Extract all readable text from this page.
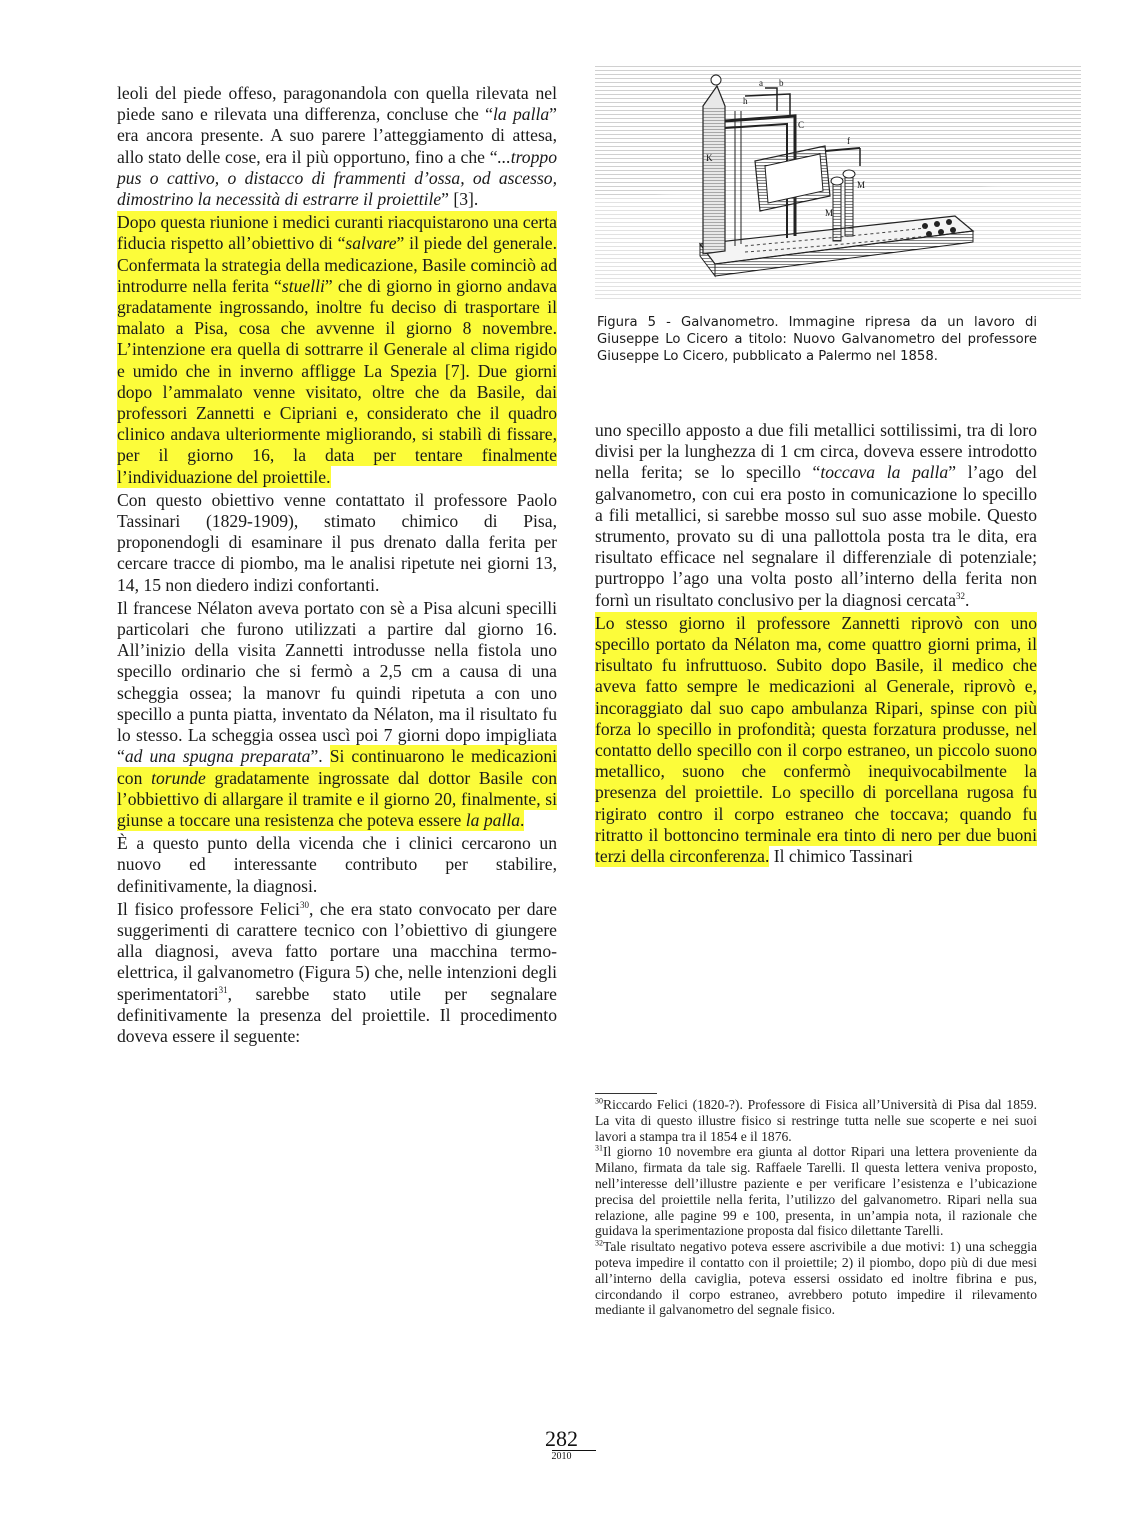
leoli del piede offeso, paragonandola con quella rilevata nel piede sano e rilevata una differenza, concluse che “la palla” era ancora presente. A suo parere l’atteggiamento di attesa, allo stato delle cose, era il più opportuno, fino a che “...troppo pus o cattivo, o distacco di frammenti d’ossa, od ascesso, dimostrino la necessità di estrarre il proiettile” [3].

Dopo questa riunione i medici curanti riacquistarono una certa fiducia rispetto all’obiettivo di “salvare” il piede del generale. Confermata la strategia della medicazione, Basile cominciò ad introdurre nella ferita “stuelli” che di giorno in giorno andava gradatamente ingrossando, inoltre fu deciso di trasportare il malato a Pisa, cosa che avvenne il giorno 8 novembre. L’intenzione era quella di sottrarre il Generale al clima rigido e umido che in inverno affligge La Spezia [7]. Due giorni dopo l’ammalato venne visitato, oltre che da Basile, dai professori Zannetti e Cipriani e, considerato che il quadro clinico andava ulteriormente migliorando, si stabilì di fissare, per il giorno 16, la data per tentare finalmente l’individuazione del proiettile.

Con questo obiettivo venne contattato il professore Paolo Tassinari (1829-1909), stimato chimico di Pisa, proponendogli di esaminare il pus drenato dalla ferita per cercare tracce di piombo, ma le analisi ripetute nei giorni 13, 14, 15 non diedero indizi confortanti.

Il francese Nélaton aveva portato con sè a Pisa alcuni specilli particolari che furono utilizzati a partire dal giorno 16. All’inizio della visita Zannetti introdusse nella fistola uno specillo ordinario che si fermò a 2,5 cm a causa di una scheggia ossea; la manovr fu quindi ripetuta a con uno specillo a punta piatta, inventato da Nélaton, ma il risultato fu lo stesso. La scheggia ossea uscì poi 7 giorni dopo impigliata “ad una spugna preparata”. Si continuarono le medicazioni con torunde gradatamente ingrossate dal dottor Basile con l’obbiettivo di allargare il tramite e il giorno 20, finalmente, si giunse a toccare una resistenza che poteva essere la palla.

È a questo punto della vicenda che i clinici cercarono un nuovo ed interessante contributo per stabilire, definitivamente, la diagnosi.

Il fisico professore Felici$^{30}$, che era stato convocato per dare suggerimenti di carattere tecnico con l’obiettivo di giungere alla diagnosi, aveva fatto portare una macchina termo-elettrica, il galvanometro (Figura 5) che, nelle intenzioni degli sperimentatori$^{31}$, sarebbe stato utile per segnalare definitivamente la presenza del proiettile. Il procedimento doveva essere il seguente:

K
C
M
M
f
b
a
h
Figura 5 - Galvanometro. Immagine ripresa da un lavoro di Giuseppe Lo Cicero a titolo: Nuovo Galvanometro del professore Giuseppe Lo Cicero, pubblicato a Palermo nel 1858.

uno specillo apposto a due fili metallici sottilissimi, tra di loro divisi per la lunghezza di 1 cm circa, doveva essere introdotto nella ferita; se lo specillo “toccava la palla” l’ago del galvanometro, con cui era posto in comunicazione lo specillo a fili metallici, si sarebbe mosso sul suo asse mobile. Questo strumento, provato su di una pallottola posta tra le dita, era risultato efficace nel segnalare il differenziale di potenziale; purtroppo l’ago una volta posto all’interno della ferita non fornì un risultato conclusivo per la diagnosi cercata$^{32}$.

Lo stesso giorno il professore Zannetti riprovò con uno specillo portato da Nélaton ma, come quattro giorni prima, il risultato fu infruttuoso. Subito dopo Basile, il medico che aveva fatto sempre le medicazioni al Generale, riprovò e, incoraggiato dal suo capo ambulanza Ripari, spinse con più forza lo specillo in profondità; questa forzatura produsse, nel contatto dello specillo con il corpo estraneo, un piccolo suono metallico, suono che confermò inequivocabilmente la presenza del proiettile. Lo specillo di porcellana rugosa fu rigirato contro il corpo estraneo che toccava; quando fu ritratto il bottoncino terminale era tinto di nero per due buoni terzi della circonferenza. Il chimico Tassinari

$^{30}$Riccardo Felici (1820-?). Professore di Fisica all’Università di Pisa dal 1859. La vita di questo illustre fisico si restringe tutta nelle sue scoperte e nei suoi lavori a stampa tra il 1854 e il 1876.

$^{31}$Il giorno 10 novembre era giunta al dottor Ripari una lettera proveniente da Milano, firmata da tale sig. Raffaele Tarelli. Il questa lettera veniva proposto, nell’interesse dell’illustre paziente e per verificare l’esistenza e l’ubicazione precisa del proiettile nella ferita, l’utilizzo del galvanometro. Ripari nella sua relazione, alle pagine 99 e 100, presenta, in un’ampia nota, il razionale che guidava la sperimentazione proposta dal fisico dilettante Tarelli.

$^{32}$Tale risultato negativo poteva essere ascrivibile a due motivi: 1) una scheggia poteva impedire il contatto con il proiettile; 2) il piombo, dopo più di due mesi all’interno della caviglia, poteva essersi ossidato ed inoltre fibrina e pus, circondando il corpo estraneo, avrebbero potuto impedire il rilevamento mediante il galvanometro del segnale fisico.

282
2010
